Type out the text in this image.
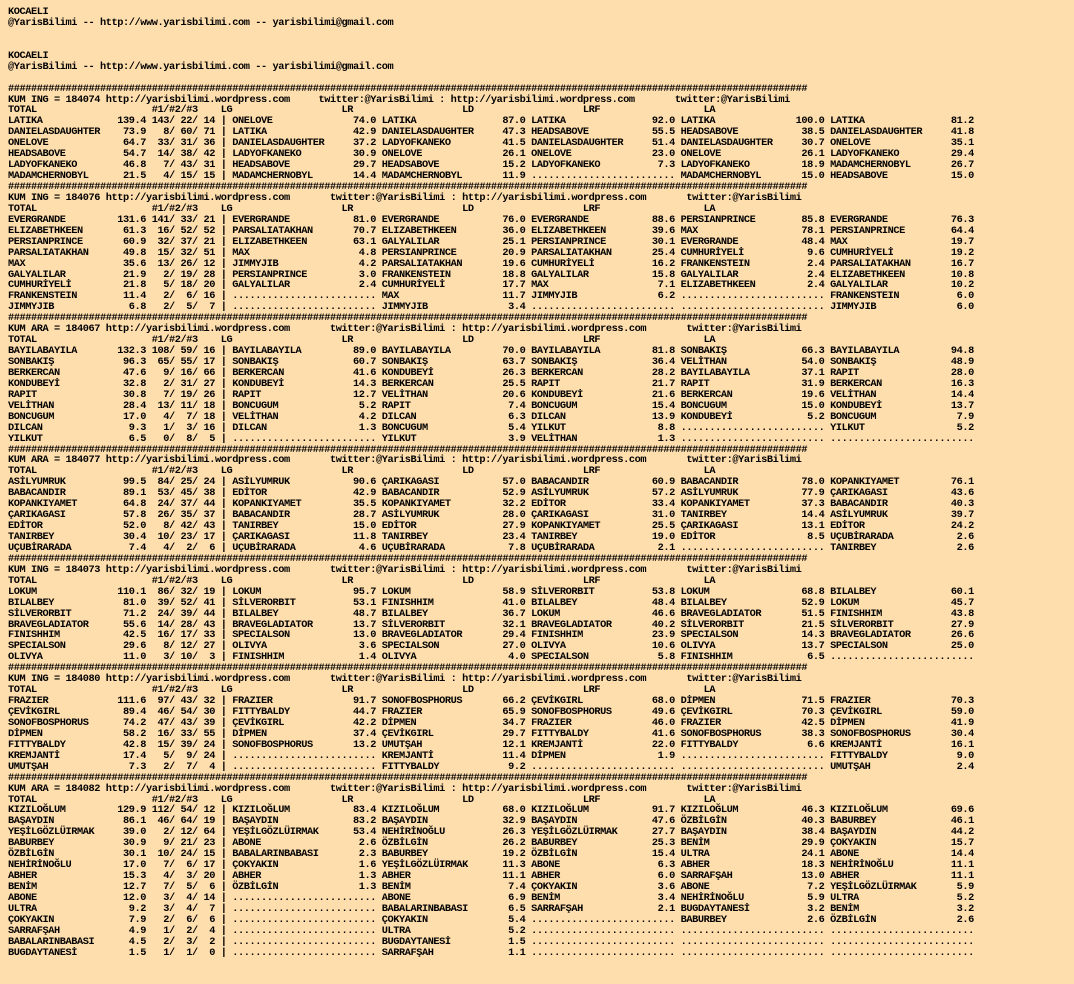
KOCAELI
@YarisBilimi -- http://www.yarisbilimi.com -- yarisbilimi@gmail.com

KOCAELI
@YarisBilimi -- http://www.yarisbilimi.com -- yarisbilimi@gmail.com

###########################################################################################################################################
KUM ING = 184074 http://yarisbilimi.wordpress.com     twitter:@YarisBilimi : http://yarisbilimi.wordpress.com       twitter:@YarisBilimi
TOTAL                    #1/#2/#3    LG                   LR                   LD                   LRF                  LA
LATIKA             139.4 143/ 22/ 14 | ONELOVE              74.0 LATIKA               87.0 LATIKA               92.0 LATIKA              100.0 LATIKA               81.2
DANIELASDAUGHTER    73.9   8/ 60/ 71 | LATIKA               42.9 DANIELASDAUGHTER     47.3 HEADSABOVE           55.5 HEADSABOVE           38.5 DANIELASDAUGHTER     41.8
ONELOVE             64.7  33/ 31/ 36 | DANIELASDAUGHTER     37.2 LADYOFKANEKO         41.5 DANIELASDAUGHTER     51.4 DANIELASDAUGHTER     30.7 ONELOVE              35.1
HEADSABOVE          54.7  14/ 38/ 42 | LADYOFKANEKO         30.9 ONELOVE              26.1 ONELOVE              23.0 ONELOVE              26.1 LADYOFKANEKO         29.4
LADYOFKANEKO        46.8   7/ 43/ 31 | HEADSABOVE           29.7 HEADSABOVE           15.2 LADYOFKANEKO          7.3 LADYOFKANEKO         18.9 MADAMCHERNOBYL       26.7
MADAMCHERNOBYL      21.5   4/ 15/ 15 | MADAMCHERNOBYL       14.4 MADAMCHERNOBYL       11.9 ......................... MADAMCHERNOBYL       15.0 HEADSABOVE           15.0
###########################################################################################################################################
KUM ING = 184076 http://yarisbilimi.wordpress.com       twitter:@YarisBilimi : http://yarisbilimi.wordpress.com       twitter:@YarisBilimi
TOTAL                    #1/#2/#3    LG                   LR                   LD                   LRF                  LA
EVERGRANDE         131.6 141/ 33/ 21 | EVERGRANDE           81.0 EVERGRANDE           76.0 EVERGRANDE           88.6 PERSIANPRINCE        85.8 EVERGRANDE           76.3
ELIZABETHKEEN       61.3  16/ 52/ 52 | PARSALIATAKHAN       70.7 ELIZABETHKEEN        36.0 ELIZABETHKEEN        39.6 MAX                  78.1 PERSIANPRINCE        64.4
PERSIANPRINCE       60.9  32/ 37/ 21 | ELIZABETHKEEN        63.1 GALYALILAR           25.1 PERSIANPRINCE        30.1 EVERGRANDE           48.4 MAX                  19.7
PARSALIATAKHAN      49.8  15/ 32/ 51 | MAX                   4.8 PERSIANPRINCE        20.9 PARSALIATAKHAN       25.4 CUMHURİYELİ           9.6 CUMHURİYELİ          19.2
MAX                 35.6  13/ 26/ 12 | JIMMYJIB              4.2 PARSALIATAKHAN       19.6 CUMHURİYELİ          16.2 FRANKENSTEIN          2.4 PARSALIATAKHAN       16.7
GALYALILAR          21.9   2/ 19/ 28 | PERSIANPRINCE         3.0 FRANKENSTEIN         18.8 GALYALILAR           15.8 GALYALILAR            2.4 ELIZABETHKEEN        10.8
CUMHURİYELİ         21.8   5/ 18/ 20 | GALYALILAR            2.4 CUMHURİYELİ          17.7 MAX                   7.1 ELIZABETHKEEN         2.4 GALYALILAR           10.2
FRANKENSTEIN        11.4   2/  6/ 16 | ......................... MAX                  11.7 JIMMYJIB              6.2 ......................... FRANKENSTEIN          6.0
JIMMYJIB             6.8   2/  5/  7 | ......................... JIMMYJIB              3.4 ......................... ......................... JIMMYJIB              6.0
###########################################################################################################################################
KUM ARA = 184067 http://yarisbilimi.wordpress.com       twitter:@YarisBilimi : http://yarisbilimi.wordpress.com       twitter:@YarisBilimi
TOTAL                    #1/#2/#3    LG                   LR                   LD                   LRF                  LA
BAYILABAYILA       132.3 108/ 59/ 16 | BAYILABAYILA         89.0 BAYILABAYILA         70.0 BAYILABAYILA         81.8 SONBAKIŞ             66.3 BAYILABAYILA         94.8
SONBAKIŞ            96.3  65/ 55/ 17 | SONBAKIŞ             60.7 SONBAKIŞ             63.7 SONBAKIŞ             36.4 VELİTHAN             54.0 SONBAKIŞ             48.9
BERKERCAN           47.6   9/ 16/ 66 | BERKERCAN            41.6 KONDUBEYİ            26.3 BERKERCAN            28.2 BAYILABAYILA         37.1 RAPIT                28.0
KONDUBEYİ           32.8   2/ 31/ 27 | KONDUBEYİ            14.3 BERKERCAN            25.5 RAPIT                21.7 RAPIT                31.9 BERKERCAN            16.3
RAPIT               30.8   7/ 19/ 26 | RAPIT                12.7 VELİTHAN             20.6 KONDUBEYİ            21.6 BERKERCAN            19.6 VELİTHAN             14.4
VELİTHAN            28.4  13/ 11/ 18 | BONCUGUM              5.2 RAPIT                 7.4 BONCUGUM             15.4 BONCUGUM             15.0 KONDUBEYİ            13.7
BONCUGUM            17.0   4/  7/ 18 | VELİTHAN              4.2 DILCAN                6.3 DILCAN               13.9 KONDUBEYİ             5.2 BONCUGUM              7.9
DILCAN               9.3   1/  3/ 16 | DILCAN                1.3 BONCUGUM              5.4 YILKUT                8.8 ......................... YILKUT                5.2
YILKUT               6.5   0/  8/  5 | ......................... YILKUT                3.9 VELİTHAN              1.3 ......................... .........................
###########################################################################################################################################
KUM ARA = 184077 http://yarisbilimi.wordpress.com       twitter:@YarisBilimi : http://yarisbilimi.wordpress.com       twitter:@YarisBilimi
TOTAL                    #1/#2/#3    LG                   LR                   LD                   LRF                  LA
ASİLYUMRUK          99.5  84/ 25/ 24 | ASİLYUMRUK           90.6 ÇARIKAGASI           57.0 BABACANDIR           60.9 BABACANDIR           78.0 KOPANKIYAMET         76.1
BABACANDIR          89.1  53/ 45/ 38 | EDİTOR               42.9 BABACANDIR           52.9 ASİLYUMRUK           57.2 ASİLYUMRUK           77.9 ÇARIKAGASI           43.6
KOPANKIYAMET        64.8  24/ 37/ 44 | KOPANKIYAMET         35.5 KOPANKIYAMET         32.2 EDİTOR               33.4 KOPANKIYAMET         37.3 BABACANDIR           40.3
ÇARIKAGASI          57.8  26/ 35/ 37 | BABACANDIR           28.7 ASİLYUMRUK           28.0 ÇARIKAGASI           31.0 TANIRBEY             14.4 ASİLYUMRUK           39.7
EDİTOR              52.0   8/ 42/ 43 | TANIRBEY             15.0 EDİTOR               27.9 KOPANKIYAMET         25.5 ÇARIKAGASI           13.1 EDİTOR               24.2
TANIRBEY            30.4  10/ 23/ 17 | ÇARIKAGASI           11.8 TANIRBEY             23.4 TANIRBEY             19.0 EDİTOR                8.5 UÇUBİRARADA           2.6
UÇUBİRARADA          7.4   4/  2/  6 | UÇUBİRARADA           4.6 UÇUBİRARADA           7.8 UÇUBİRARADA           2.1 ......................... TANIRBEY              2.6
###########################################################################################################################################
KUM ING = 184073 http://yarisbilimi.wordpress.com       twitter:@YarisBilimi : http://yarisbilimi.wordpress.com       twitter:@YarisBilimi
TOTAL                    #1/#2/#3    LG                   LR                   LD                   LRF                  LA
LOKUM              110.1  86/ 32/ 19 | LOKUM                95.7 LOKUM                58.9 SİLVERORBIT          53.8 LOKUM                68.8 BILALBEY             60.1
BILALBEY            81.0  39/ 52/ 41 | SİLVERORBIT          53.1 FINISHHIM            41.0 BILALBEY             48.4 BILALBEY             52.9 LOKUM                45.7
SİLVERORBIT         71.2  24/ 39/ 44 | BILALBEY             48.7 BILALBEY             36.7 LOKUM                46.6 BRAVEGLADIATOR       51.5 FINISHHIM            43.8
BRAVEGLADIATOR      55.6  14/ 28/ 43 | BRAVEGLADIATOR       13.7 SİLVERORBIT          32.1 BRAVEGLADIATOR       40.2 SİLVERORBIT          21.5 SİLVERORBIT          27.9
FINISHHIM           42.5  16/ 17/ 33 | SPECIALSON           13.0 BRAVEGLADIATOR       29.4 FINISHHIM            23.9 SPECIALSON           14.3 BRAVEGLADIATOR       26.6
SPECIALSON          29.6   8/ 12/ 27 | OLIVYA                3.6 SPECIALSON           27.0 OLIVYA               10.6 OLIVYA               13.7 SPECIALSON           25.0
OLIVYA              11.0   3/ 10/  3 | FINISHHIM             1.4 OLIVYA                4.0 SPECIALSON            5.8 FINISHHIM             6.5 .........................
###########################################################################################################################################
KUM ING = 184080 http://yarisbilimi.wordpress.com       twitter:@YarisBilimi : http://yarisbilimi.wordpress.com       twitter:@YarisBilimi
TOTAL                    #1/#2/#3    LG                   LR                   LD                   LRF                  LA
FRAZIER            111.6  97/ 43/ 32 | FRAZIER              91.7 SONOFBOSPHORUS       66.2 ÇEVİKGIRL            68.0 DİPMEN               71.5 FRAZIER              70.3
ÇEVİKGIRL           89.4  46/ 54/ 30 | FITTYBALDY           44.7 FRAZIER              65.9 SONOFBOSPHORUS       49.6 ÇEVİKGIRL            70.3 ÇEVİKGIRL            59.0
SONOFBOSPHORUS      74.2  47/ 43/ 39 | ÇEVİKGIRL            42.2 DİPMEN               34.7 FRAZIER              46.0 FRAZIER              42.5 DİPMEN               41.9
DİPMEN              58.2  16/ 33/ 55 | DİPMEN               37.4 ÇEVİKGIRL            29.7 FITTYBALDY           41.6 SONOFBOSPHORUS       38.3 SONOFBOSPHORUS       30.4
FITTYBALDY          42.8  15/ 39/ 24 | SONOFBOSPHORUS       13.2 UMUTŞAH              12.1 KREMJANTİ            22.0 FITTYBALDY            6.6 KREMJANTİ            16.1
KREMJANTİ           17.4   5/  9/ 24 | ......................... KREMJANTİ            11.4 DİPMEN                1.9 ......................... FITTYBALDY            9.0
UMUTŞAH              7.3   2/  7/  4 | ......................... FITTYBALDY            9.2 ......................... ......................... UMUTŞAH               2.4
###########################################################################################################################################
KUM ARA = 184082 http://yarisbilimi.wordpress.com       twitter:@YarisBilimi : http://yarisbilimi.wordpress.com       twitter:@YarisBilimi
TOTAL                    #1/#2/#3    LG                   LR                   LD                   LRF                  LA
KIZILOĞLUM         129.9 112/ 54/ 12 | KIZILOĞLUM           83.4 KIZILOĞLUM           68.0 KIZILOĞLUM           91.7 KIZILOĞLUM           46.3 KIZILOĞLUM           69.6
BAŞAYDIN            86.1  46/ 64/ 19 | BAŞAYDIN             83.2 BAŞAYDIN             32.9 BAŞAYDIN             47.6 ÖZBİLGİN             40.3 BABURBEY             46.1
YEŞİLGÖZLÜIRMAK     39.0   2/ 12/ 64 | YEŞİLGÖZLÜIRMAK      53.4 NEHİRİNOĞLU          26.3 YEŞİLGÖZLÜIRMAK      27.7 BAŞAYDIN             38.4 BAŞAYDIN             44.2
BABURBEY            30.9   9/ 21/ 23 | ABONE                 2.6 ÖZBİLGİN             26.2 BABURBEY             25.3 BENİM                29.9 ÇOKYAKIN             15.7
ÖZBİLGİN            30.1  10/ 24/ 15 | BABALARINBABASI       2.3 BABURBEY             19.2 ÖZBİLGİN             15.4 ULTRA                24.1 ABONE                14.4
NEHİRİNOĞLU         17.0   7/  6/ 17 | ÇOKYAKIN              1.6 YEŞİLGÖZLÜIRMAK      11.3 ABONE                 6.3 ABHER                18.3 NEHİRİNOĞLU          11.1
ABHER               15.3   4/  3/ 20 | ABHER                 1.3 ABHER                11.1 ABHER                 6.0 SARRAFŞAH            13.0 ABHER                11.1
BENİM               12.7   7/  5/  6 | ÖZBİLGİN              1.3 BENİM                 7.4 ÇOKYAKIN              3.6 ABONE                 7.2 YEŞİLGÖZLÜIRMAK       5.9
ABONE               12.0   3/  4/ 14 | ......................... ABONE                 6.9 BENİM                 3.4 NEHİRİNOĞLU           5.9 ULTRA                 5.2
ULTRA                9.2   3/  4/  7 | ......................... BABALARINBABASI       6.5 SARRAFŞAH             2.1 BUGDAYTANESİ          3.2 BENİM                 3.2
ÇOKYAKIN             7.9   2/  6/  6 | ......................... ÇOKYAKIN              5.4 ......................... BABURBEY              2.6 ÖZBİLGİN              2.6
SARRAFŞAH            4.9   1/  2/  4 | ......................... ULTRA                 5.2 ......................... ......................... .........................
BABALARINBABASI      4.5   2/  3/  2 | ......................... BUGDAYTANESİ          1.5 ......................... ......................... .........................
BUGDAYTANESİ         1.5   1/  1/  0 | ......................... SARRAFŞAH             1.1 ......................... ......................... .........................
